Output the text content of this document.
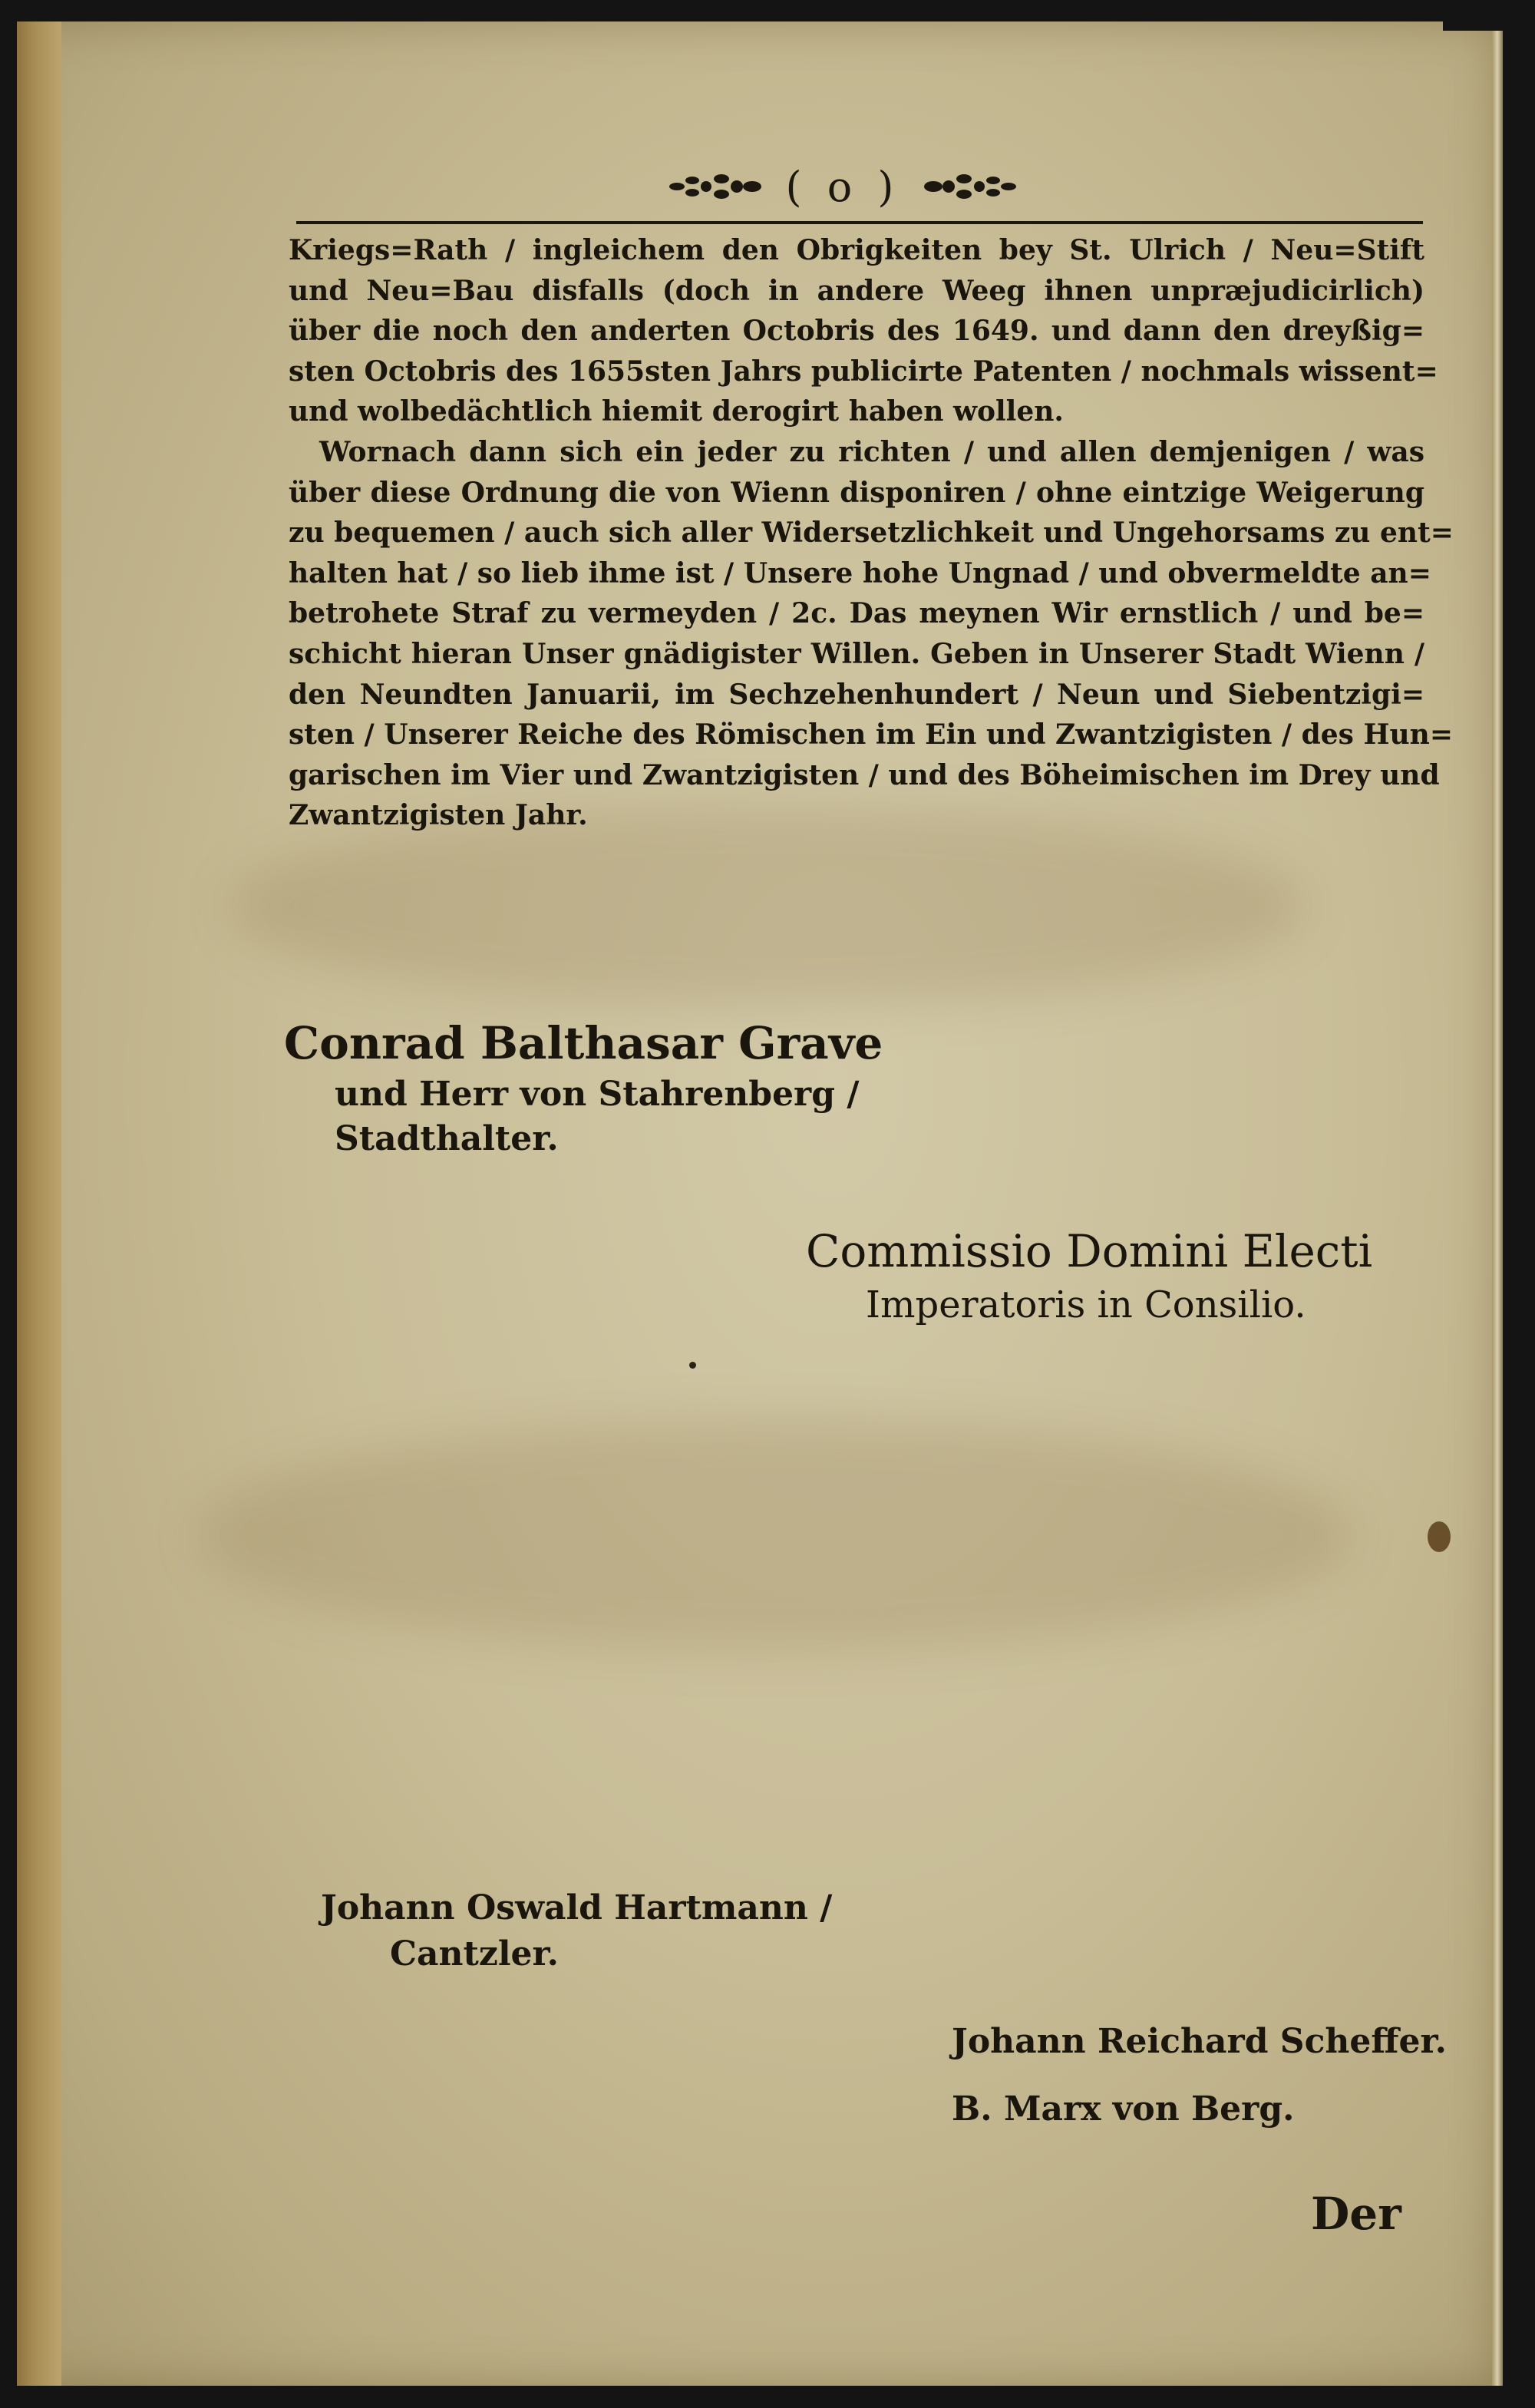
( o )

Kriegs=Rath / ingleichem den Obrigkeiten bey St. Ulrich / Neu=Stift

und Neu=Bau disfalls (doch in andere Weeg ihnen unpræjudicirlich)

über die noch den anderten Octobris des 1649. und dann den dreyßig=

sten Octobris des 1655sten Jahrs publicirte Patenten / nochmals wissent=

und wolbedächtlich hiemit derogirt haben wollen.

Wornach dann sich ein jeder zu richten / und allen demjenigen / was

über diese Ordnung die von Wienn disponiren / ohne eintzige Weigerung

zu bequemen / auch sich aller Widersetzlichkeit und Ungehorsams zu ent=

halten hat / so lieb ihme ist / Unsere hohe Ungnad / und obvermeldte an=

betrohete Straf zu vermeyden / 2c. Das meynen Wir ernstlich / und be=

schicht hieran Unser gnädigister Willen. Geben in Unserer Stadt Wienn /

den Neundten Januarii, im Sechzehenhundert / Neun und Siebentzigi=

sten / Unserer Reiche des Römischen im Ein und Zwantzigisten / des Hun=

garischen im Vier und Zwantzigisten / und des Böheimischen im Drey und

Zwantzigisten Jahr.

Conrad Balthasar Grave
und Herr von Stahrenberg /
Stadthalter.
Commissio Domini Electi
Imperatoris in Consilio.
Johann Oswald Hartmann /
Cantzler.
Johann Reichard Scheffer.
B. Marx von Berg.
Der
